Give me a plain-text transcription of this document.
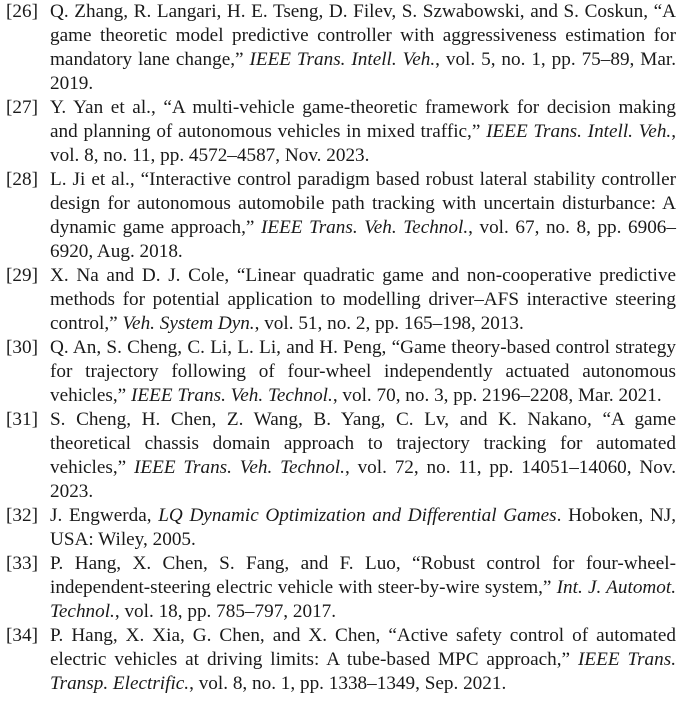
[26] Q. Zhang, R. Langari, H. E. Tseng, D. Filev, S. Szwabowski, and S. Coskun, “A game theoretic model predictive controller with aggressiveness estimation for mandatory lane change,” IEEE Trans. Intell. Veh., vol. 5, no. 1, pp. 75–89, Mar. 2019.
[27] Y. Yan et al., “A multi-vehicle game-theoretic framework for decision making and planning of autonomous vehicles in mixed traffic,” IEEE Trans. Intell. Veh., vol. 8, no. 11, pp. 4572–4587, Nov. 2023.
[28] L. Ji et al., “Interactive control paradigm based robust lateral stability controller design for autonomous automobile path tracking with uncertain disturbance: A dynamic game approach,” IEEE Trans. Veh. Technol., vol. 67, no. 8, pp. 6906–6920, Aug. 2018.
[29] X. Na and D. J. Cole, “Linear quadratic game and non-cooperative predictive methods for potential application to modelling driver–AFS interactive steering control,” Veh. System Dyn., vol. 51, no. 2, pp. 165–198, 2013.
[30] Q. An, S. Cheng, C. Li, L. Li, and H. Peng, “Game theory-based control strategy for trajectory following of four-wheel independently actuated autonomous vehicles,” IEEE Trans. Veh. Technol., vol. 70, no. 3, pp. 2196–2208, Mar. 2021.
[31] S. Cheng, H. Chen, Z. Wang, B. Yang, C. Lv, and K. Nakano, “A game theoretical chassis domain approach to trajectory tracking for automated vehicles,” IEEE Trans. Veh. Technol., vol. 72, no. 11, pp. 14051–14060, Nov. 2023.
[32] J. Engwerda, LQ Dynamic Optimization and Differential Games. Hoboken, NJ, USA: Wiley, 2005.
[33] P. Hang, X. Chen, S. Fang, and F. Luo, “Robust control for four-wheel-independent-steering electric vehicle with steer-by-wire system,” Int. J. Automot. Technol., vol. 18, pp. 785–797, 2017.
[34] P. Hang, X. Xia, G. Chen, and X. Chen, “Active safety control of automated electric vehicles at driving limits: A tube-based MPC approach,” IEEE Trans. Transp. Electrific., vol. 8, no. 1, pp. 1338–1349, Sep. 2021.
